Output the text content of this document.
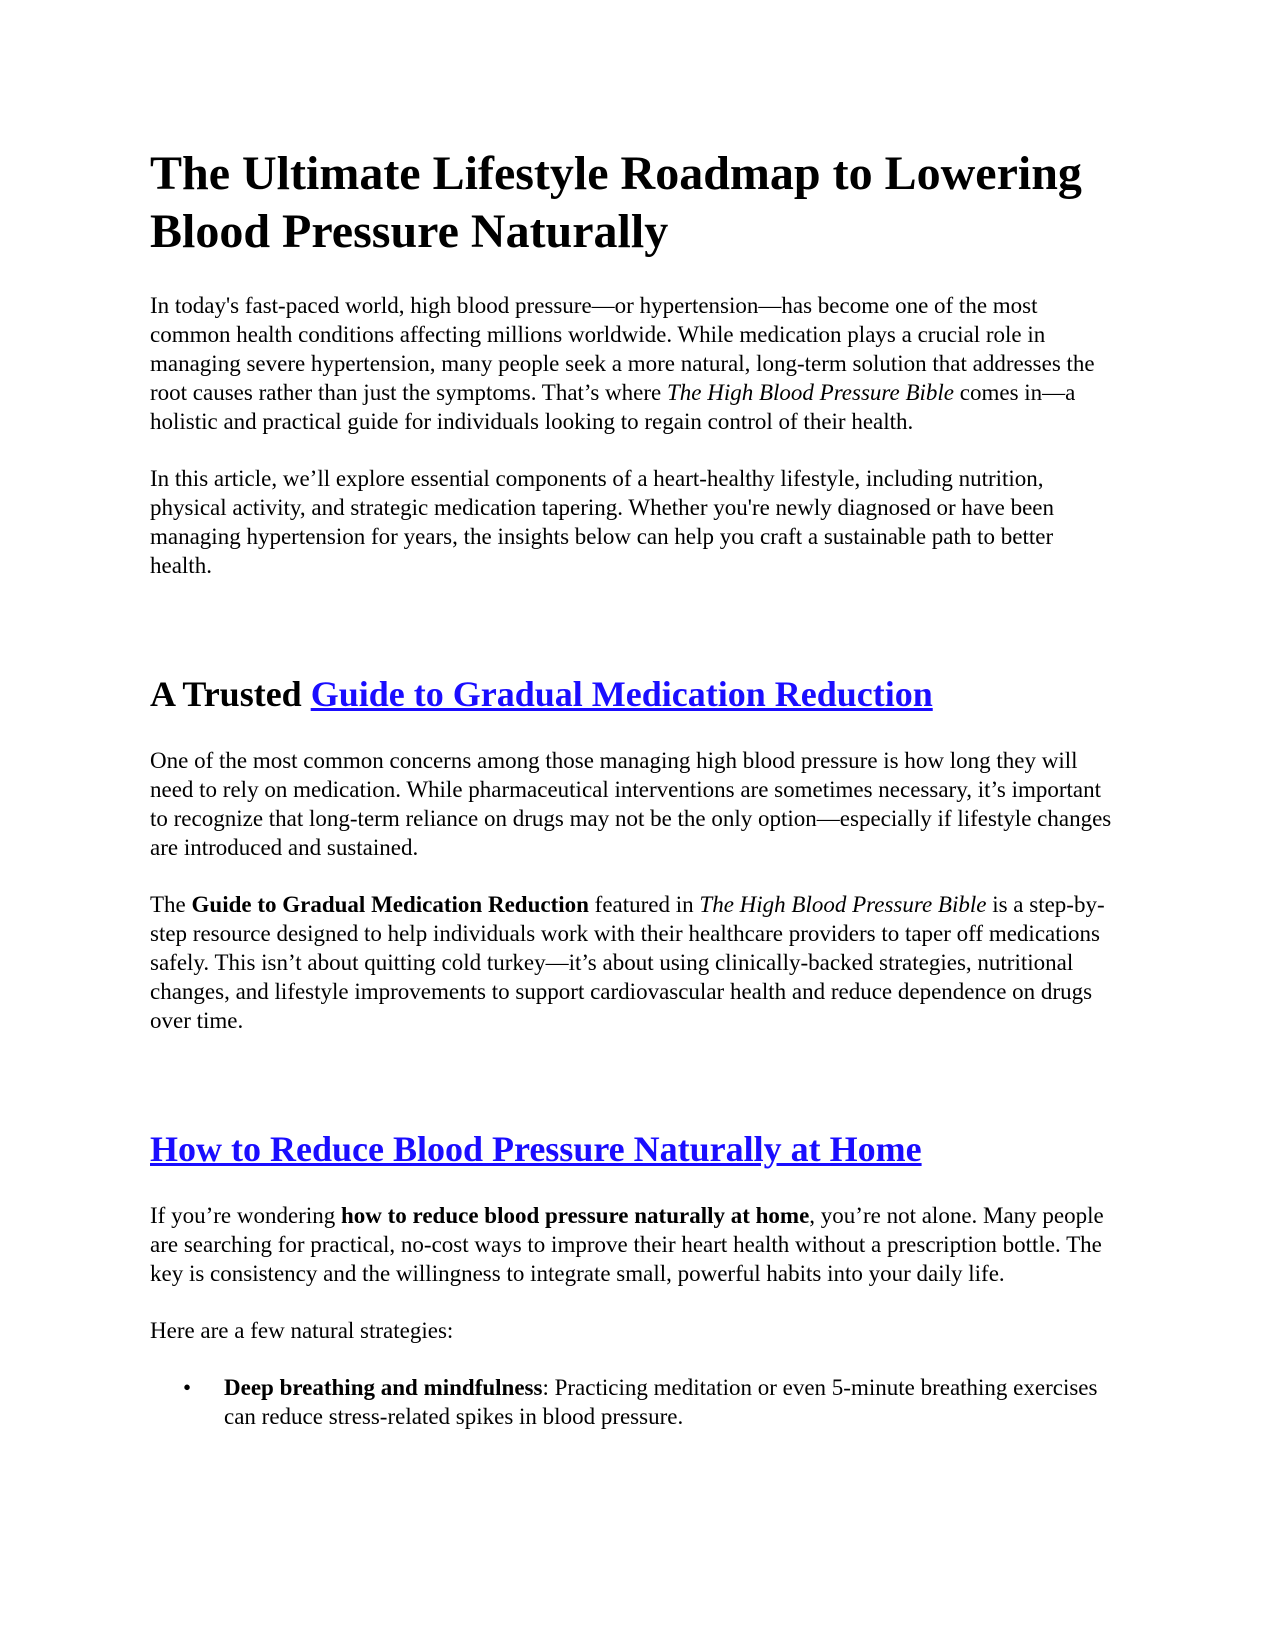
The Ultimate Lifestyle Roadmap to Lowering Blood Pressure Naturally

In today's fast-paced world, high blood pressure—or hypertension—has become one of the most common health conditions affecting millions worldwide. While medication plays a crucial role in managing severe hypertension, many people seek a more natural, long-term solution that addresses the root causes rather than just the symptoms. That’s where The High Blood Pressure Bible comes in—a holistic and practical guide for individuals looking to regain control of their health.

In this article, we’ll explore essential components of a heart-healthy lifestyle, including nutrition, physical activity, and strategic medication tapering. Whether you're newly diagnosed or have been managing hypertension for years, the insights below can help you craft a sustainable path to better health.

A Trusted Guide to Gradual Medication Reduction

One of the most common concerns among those managing high blood pressure is how long they will need to rely on medication. While pharmaceutical interventions are sometimes necessary, it’s important to recognize that long-term reliance on drugs may not be the only option—especially if lifestyle changes are introduced and sustained.

The Guide to Gradual Medication Reduction featured in The High Blood Pressure Bible is a step-by-step resource designed to help individuals work with their healthcare providers to taper off medications safely. This isn’t about quitting cold turkey—it’s about using clinically-backed strategies, nutritional changes, and lifestyle improvements to support cardiovascular health and reduce dependence on drugs over time.

How to Reduce Blood Pressure Naturally at Home

If you’re wondering how to reduce blood pressure naturally at home, you’re not alone. Many people are searching for practical, no-cost ways to improve their heart health without a prescription bottle. The key is consistency and the willingness to integrate small, powerful habits into your daily life.

Here are a few natural strategies:

• Deep breathing and mindfulness: Practicing meditation or even 5-minute breathing exercises can reduce stress-related spikes in blood pressure.
